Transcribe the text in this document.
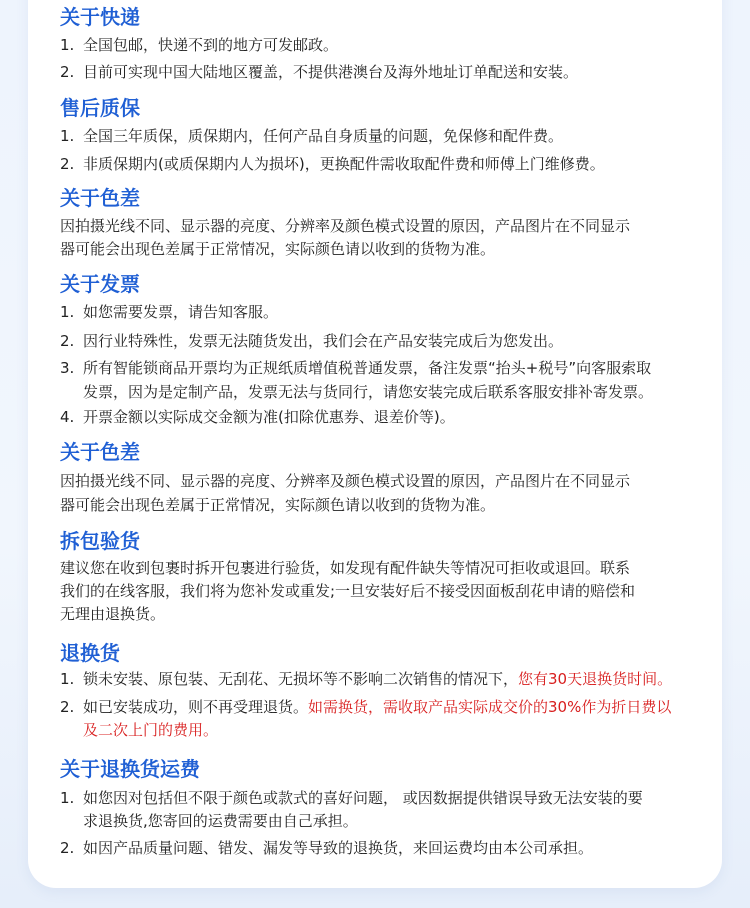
关于快递
1. 全国包邮，快递不到的地方可发邮政。
2. 目前可实现中国大陆地区覆盖，不提供港澳台及海外地址订单配送和安装。
售后质保
1. 全国三年质保，质保期内，任何产品自身质量的问题，免保修和配件费。
2. 非质保期内(或质保期内人为损坏)，更换配件需收取配件费和师傅上门维修费。
关于色差
因拍摄光线不同、显示器的亮度、分辨率及颜色模式设置的原因，产品图片在不同显示
器可能会出现色差属于正常情况，实际颜色请以收到的货物为准。
关于发票
1. 如您需要发票，请告知客服。
2. 因行业特殊性，发票无法随货发出，我们会在产品安装完成后为您发出。
3. 所有智能锁商品开票均为正规纸质增值税普通发票，备注发票“抬头+税号”向客服索取
发票，因为是定制产品，发票无法与货同行，请您安装完成后联系客服安排补寄发票。
4. 开票金额以实际成交金额为准(扣除优惠券、退差价等)。
关于色差
因拍摄光线不同、显示器的亮度、分辨率及颜色模式设置的原因，产品图片在不同显示
器可能会出现色差属于正常情况，实际颜色请以收到的货物为准。
拆包验货
建议您在收到包裹时拆开包裹进行验货，如发现有配件缺失等情况可拒收或退回。联系
我们的在线客服，我们将为您补发或重发;一旦安装好后不接受因面板刮花申请的赔偿和
无理由退换货。
退换货
1. 锁未安装、原包装、无刮花、无损坏等不影响二次销售的情况下，您有30天退换货时间。
2. 如已安装成功，则不再受理退货。如需换货，需收取产品实际成交价的30%作为折日费以
及二次上门的费用。
关于退换货运费
1. 如您因对包括但不限于颜色或款式的喜好问题， 或因数据提供错误导致无法安装的要
求退换货,您寄回的运费需要由自己承担。
2. 如因产品质量问题、错发、漏发等导致的退换货，来回运费均由本公司承担。
